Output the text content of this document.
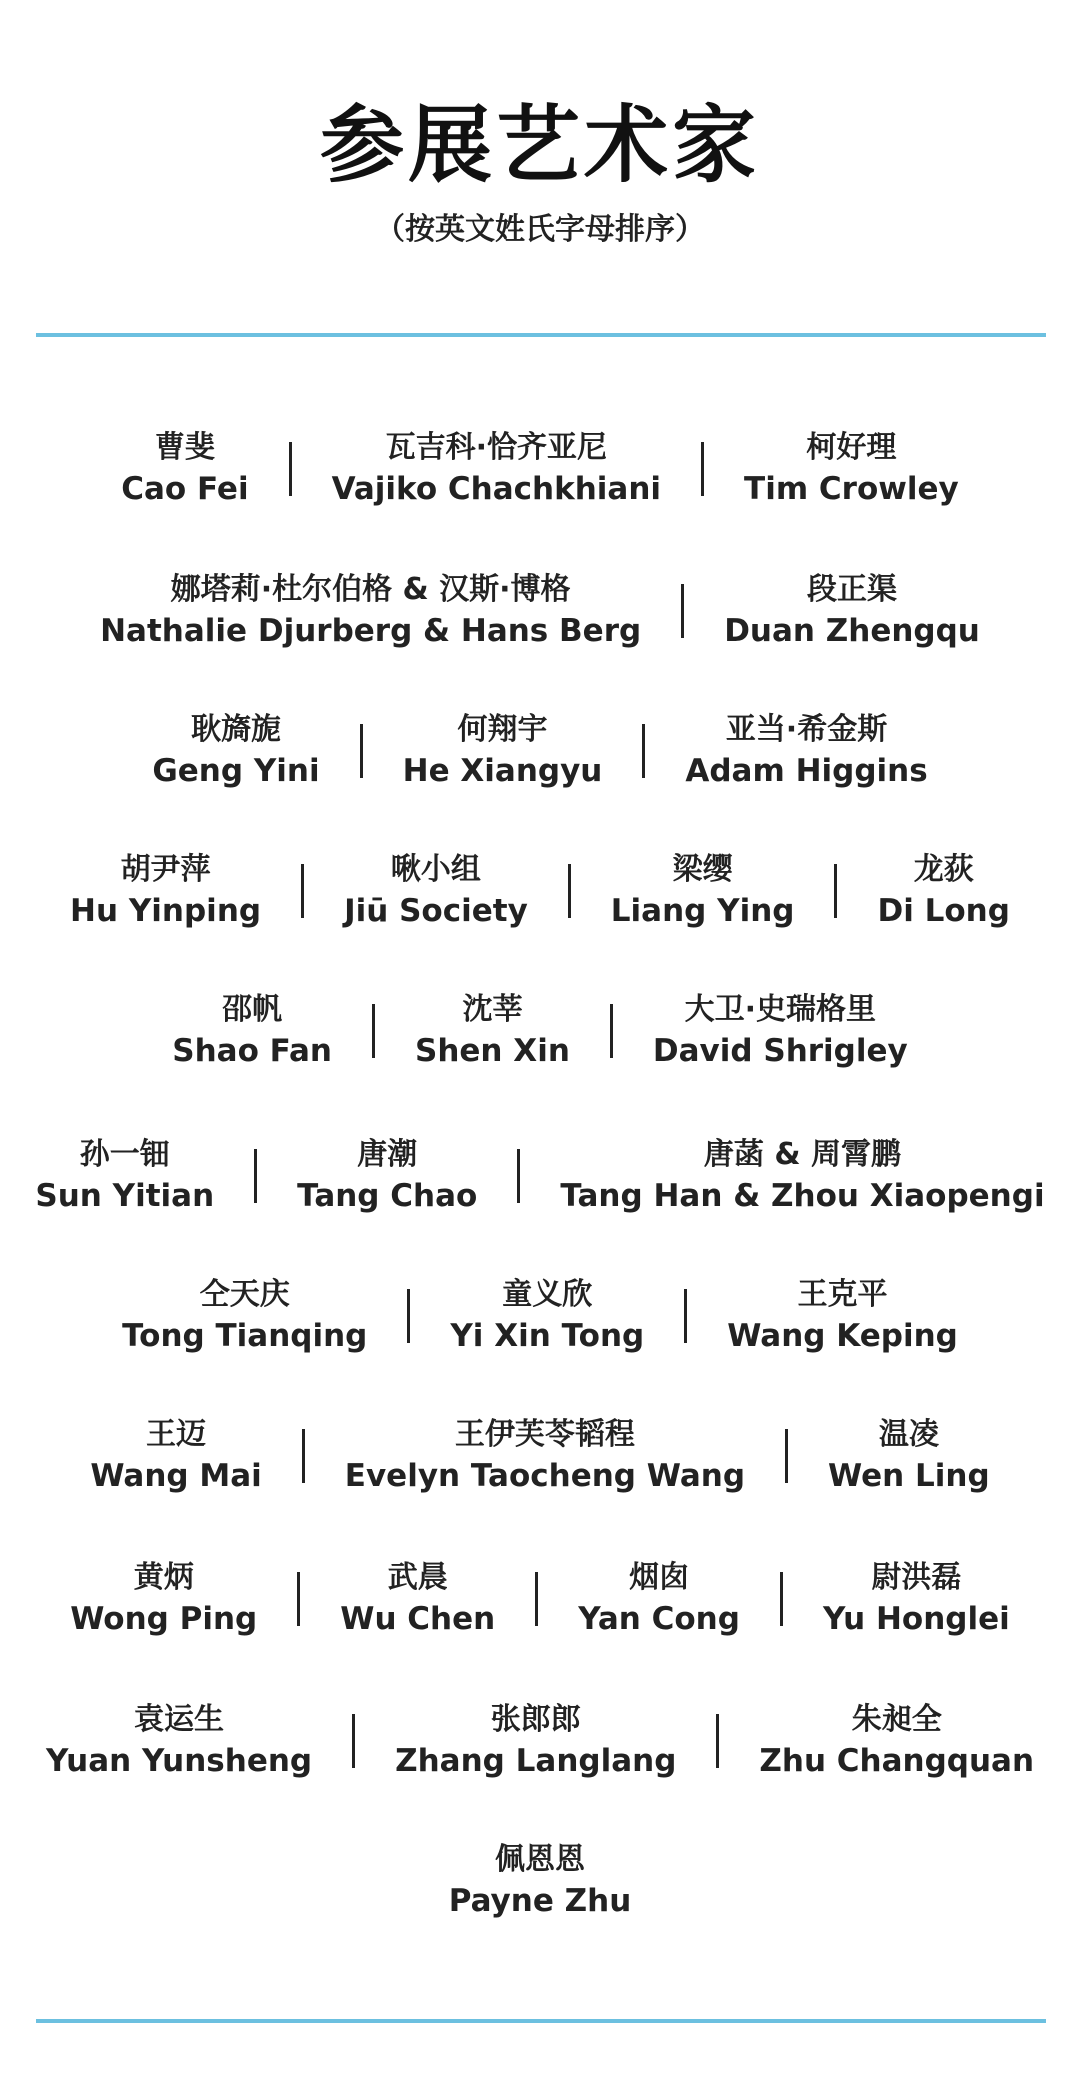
参展艺术家
（按英文姓氏字母排序）
曹斐
Cao Fei
瓦吉科·恰齐亚尼
Vajiko Chachkhiani
柯好理
Tim Crowley
娜塔莉·杜尔伯格 & 汉斯·博格
Nathalie Djurberg & Hans Berg
段正渠
Duan Zhengqu
耿旖旎
Geng Yini
何翔宇
He Xiangyu
亚当·希金斯
Adam Higgins
胡尹萍
Hu Yinping
啾小组
Jiū Society
梁缨
Liang Ying
龙荻
Di Long
邵帆
Shao Fan
沈莘
Shen Xin
大卫·史瑞格里
David Shrigley
孙一钿
Sun Yitian
唐潮
Tang Chao
唐菡 & 周霄鹏
Tang Han & Zhou Xiaopengi
仝天庆
Tong Tianqing
童义欣
Yi Xin Tong
王克平
Wang Keping
王迈
Wang Mai
王伊芙苓韬程
Evelyn Taocheng Wang
温凌
Wen Ling
黄炳
Wong Ping
武晨
Wu Chen
烟囱
Yan Cong
尉洪磊
Yu Honglei
袁运生
Yuan Yunsheng
张郎郎
Zhang Langlang
朱昶全
Zhu Changquan
佩恩恩
Payne Zhu
